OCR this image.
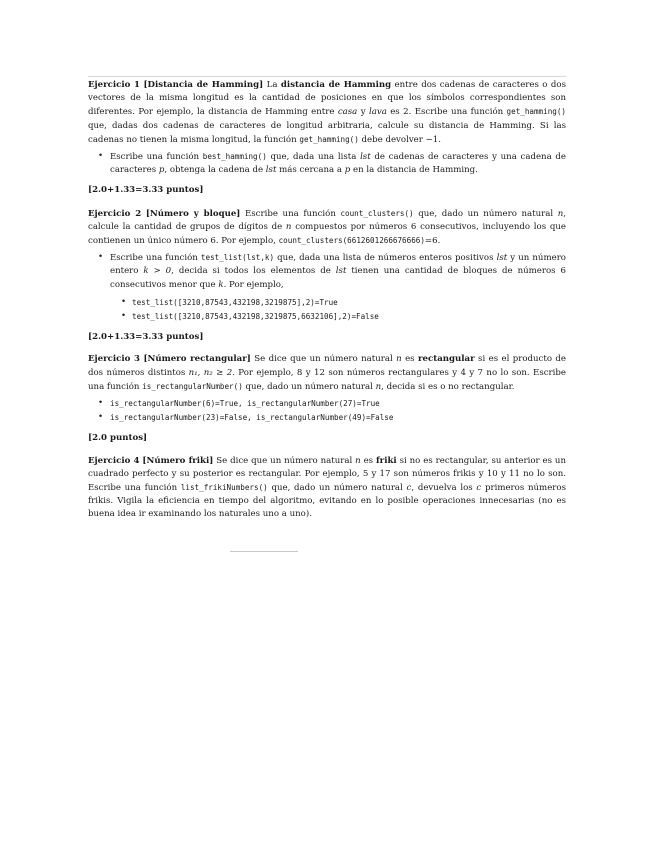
Ejercicio 1 [Distancia de Hamming] La distancia de Hamming entre dos cadenas de caracteres o dos vectores de la misma longitud es la cantidad de posiciones en que los símbolos correspondientes son diferentes. Por ejemplo, la distancia de Hamming entre casa y lava es 2. Escribe una función get_hamming() que, dadas dos cadenas de caracteres de longitud arbitraria, calcule su distancia de Hamming. Si las cadenas no tienen la misma longitud, la función get_hamming() debe devolver −1.

• Escribe una función best_hamming() que, dada una lista lst de cadenas de caracteres y una cadena de caracteres p, obtenga la cadena de lst más cercana a p en la distancia de Hamming.

[2.0+1.33=3.33 puntos]

Ejercicio 2 [Número y bloque] Escribe una función count_clusters() que, dado un número natural n, calcule la cantidad de grupos de dígitos de n compuestos por números 6 consecutivos, incluyendo los que contienen un único número 6. Por ejemplo, count_clusters(6612601266676666)=6.

• Escribe una función test_list(lst,k) que, dada una lista de números enteros positivos lst y un número entero k > 0, decida si todos los elementos de lst tienen una cantidad de bloques de números 6 consecutivos menor que k. Por ejemplo,
• test_list([3210,87543,432198,3219875],2)=True
• test_list([3210,87543,432198,3219875,6632106],2)=False

[2.0+1.33=3.33 puntos]

Ejercicio 3 [Número rectangular] Se dice que un número natural n es rectangular si es el producto de dos números distintos n₁, n₂ ≥ 2. Por ejemplo, 8 y 12 son números rectangulares y 4 y 7 no lo son. Escribe una función is_rectangularNumber() que, dado un número natural n, decida si es o no rectangular.

• is_rectangularNumber(6)=True, is_rectangularNumber(27)=True
• is_rectangularNumber(23)=False, is_rectangularNumber(49)=False

[2.0 puntos]

Ejercicio 4 [Número friki] Se dice que un número natural n es friki si no es rectangular, su anterior es un cuadrado perfecto y su posterior es rectangular. Por ejemplo, 5 y 17 son números frikis y 10 y 11 no lo son. Escribe una función list_frikiNumbers() que, dado un número natural c, devuelva los c primeros números frikis. Vigila la eficiencia en tiempo del algoritmo, evitando en lo posible operaciones innecesarias (no es buena idea ir examinando los naturales uno a uno).
